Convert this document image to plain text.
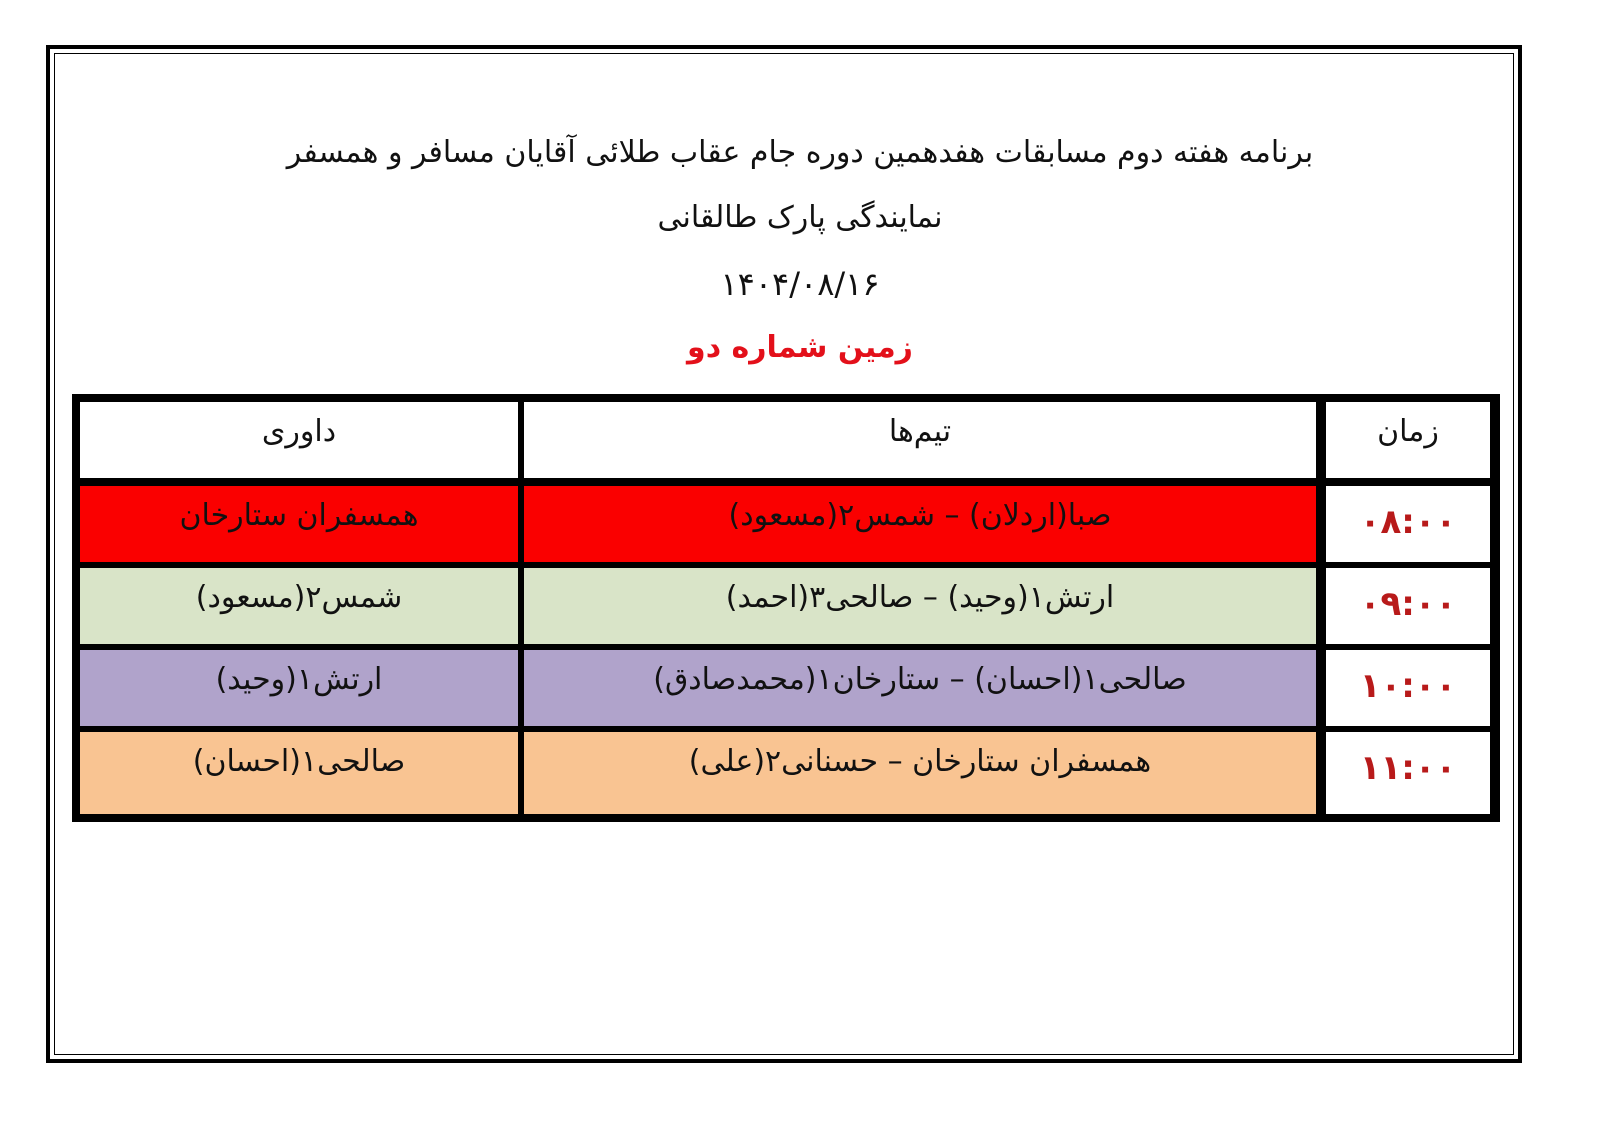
برنامه هفته دوم مسابقات هفدهمین دوره جام عقاب طلائی آقایان مسافر و همسفر
نمایندگی پارک طالقانی
۱۴۰۴/۰۸/۱۶
زمین شماره دو
داوری	تیم‌ها	زمان
همسفران ستارخان	صبا(اردلان) – شمس۲(مسعود)	۰۸:۰۰
شمس۲(مسعود)	ارتش۱(وحید) – صالحی۳(احمد)	۰۹:۰۰
ارتش۱(وحید)	صالحی۱(احسان) – ستارخان۱(محمدصادق)	۱۰:۰۰
صالحی۱(احسان)	همسفران ستارخان – حسنانی۲(علی)	۱۱:۰۰
